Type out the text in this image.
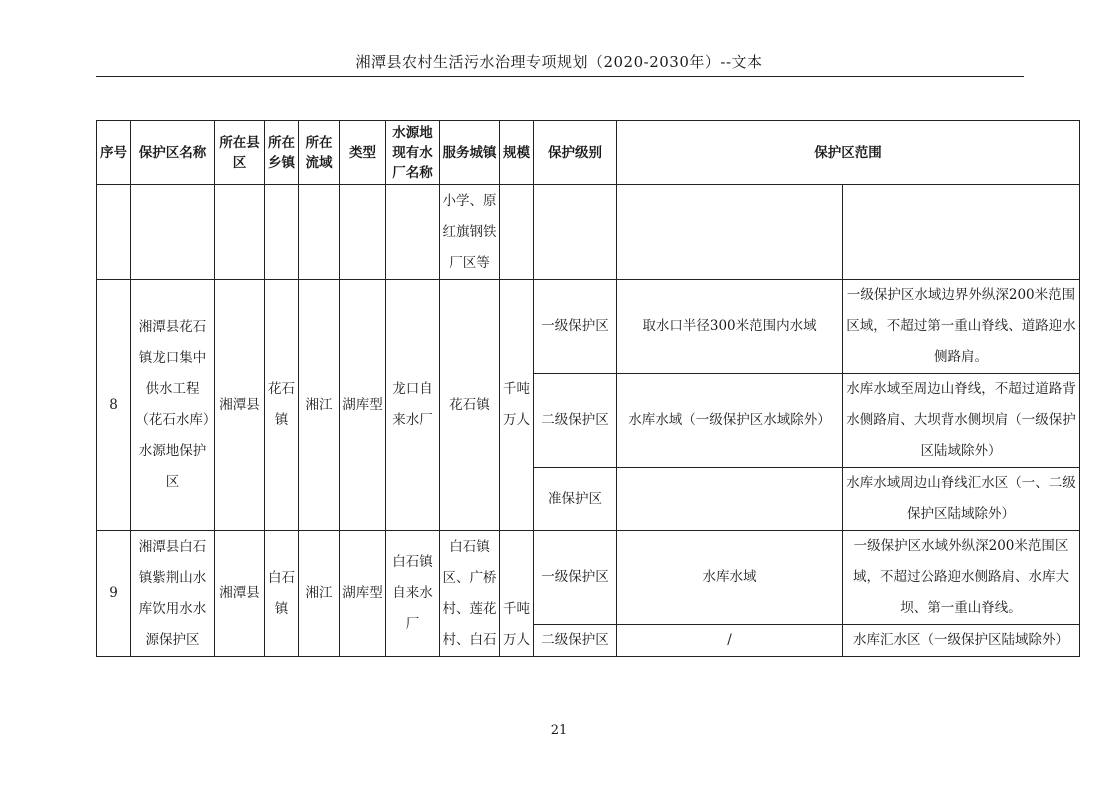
湘潭县农村生活污水治理专项规划（2020-2030年）--文本
序号	保护区名称	所在县区	所在乡镇	所在流域	类型	水源地现有水厂名称	服务城镇	规模	保护级别	保护区范围	
							小学、原红旗钢铁厂区等				
8	湘潭县花石镇龙口集中供水工程（花石水库）水源地保护区	湘潭县	花石镇	湘江	湖库型	龙口自来水厂	花石镇	千吨万人	一级保护区	取水口半径300米范围内水域	一级保护区水域边界外纵深200米范围区域，不超过第一重山脊线、道路迎水侧路肩。
									二级保护区	水库水域（一级保护区水域除外）	水库水域至周边山脊线，不超过道路背水侧路肩、大坝背水侧坝肩（一级保护区陆域除外）
									准保护区		水库水域周边山脊线汇水区（一、二级保护区陆域除外）
9	湘潭县白石镇紫荆山水库饮用水水源保护区	湘潭县	白石镇	湘江	湖库型	白石镇自来水厂	白石镇区、广桥村、莲花村、白石	千吨万人	一级保护区	水库水域	一级保护区水域外纵深200米范围区域，不超过公路迎水侧路肩、水库大坝、第一重山脊线。
									二级保护区	/	水库汇水区（一级保护区陆域除外）
21
